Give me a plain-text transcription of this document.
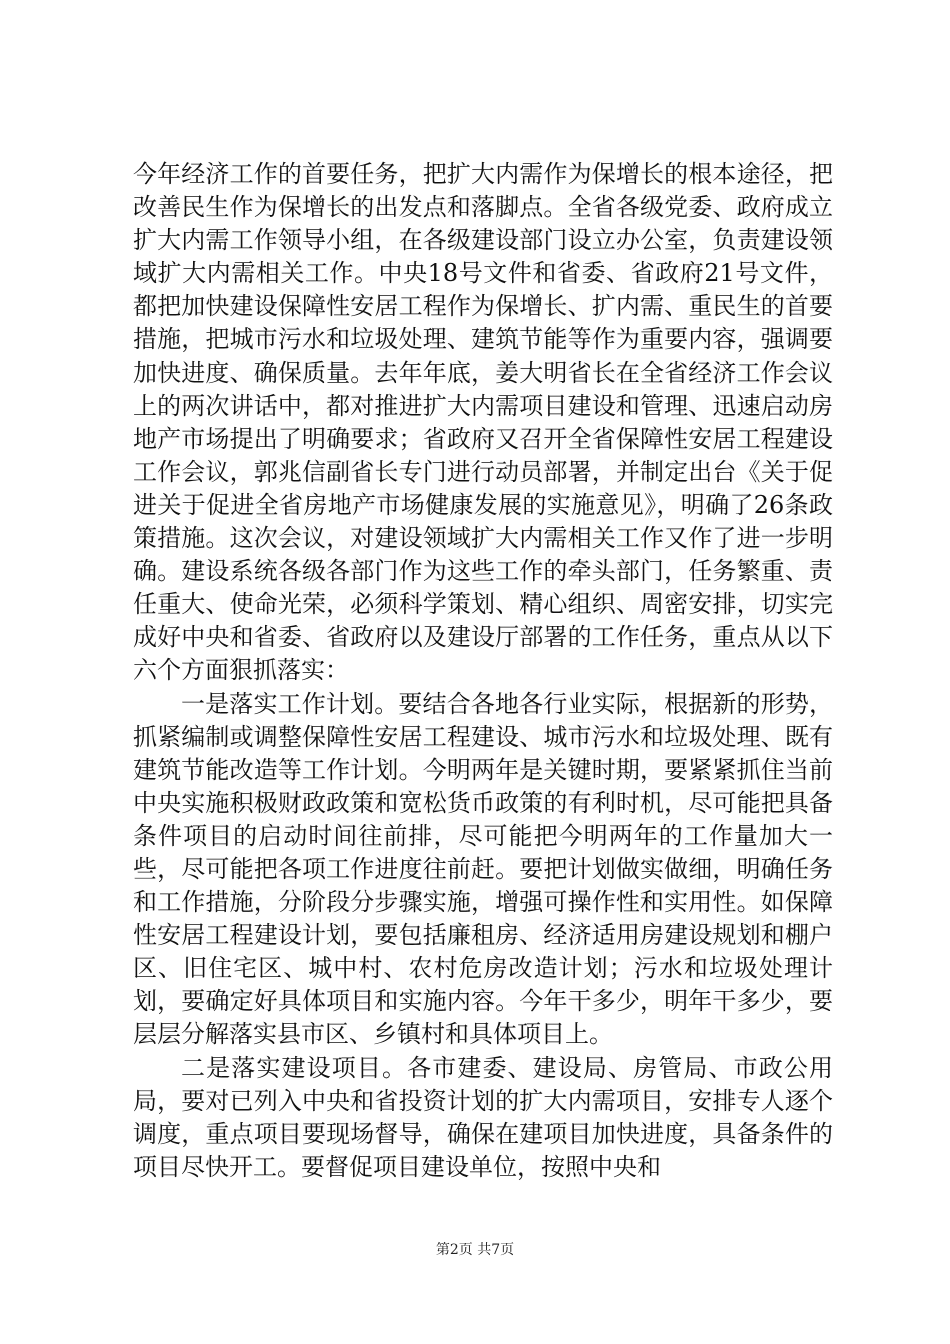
今年经济工作的首要任务，把扩大内需作为保增长的根本途径，把改善民生作为保增长的出发点和落脚点。全省各级党委、政府成立扩大内需工作领导小组，在各级建设部门设立办公室，负责建设领域扩大内需相关工作。中央18号文件和省委、省政府21号文件，都把加快建设保障性安居工程作为保增长、扩内需、重民生的首要措施，把城市污水和垃圾处理、建筑节能等作为重要内容，强调要加快进度、确保质量。去年年底，姜大明省长在全省经济工作会议上的两次讲话中，都对推进扩大内需项目建设和管理、迅速启动房地产市场提出了明确要求；省政府又召开全省保障性安居工程建设工作会议，郭兆信副省长专门进行动员部署，并制定出台《关于促进关于促进全省房地产市场健康发展的实施意见》，明确了26条政策措施。这次会议，对建设领域扩大内需相关工作又作了进一步明确。建设系统各级各部门作为这些工作的牵头部门，任务繁重、责任重大、使命光荣，必须科学策划、精心组织、周密安排，切实完成好中央和省委、省政府以及建设厅部署的工作任务，重点从以下六个方面狠抓落实：

一是落实工作计划。要结合各地各行业实际，根据新的形势，抓紧编制或调整保障性安居工程建设、城市污水和垃圾处理、既有建筑节能改造等工作计划。今明两年是关键时期，要紧紧抓住当前中央实施积极财政政策和宽松货币政策的有利时机，尽可能把具备条件项目的启动时间往前排，尽可能把今明两年的工作量加大一些，尽可能把各项工作进度往前赶。要把计划做实做细，明确任务和工作措施，分阶段分步骤实施，增强可操作性和实用性。如保障性安居工程建设计划，要包括廉租房、经济适用房建设规划和棚户区、旧住宅区、城中村、农村危房改造计划；污水和垃圾处理计划，要确定好具体项目和实施内容。今年干多少，明年干多少，要层层分解落实县市区、乡镇村和具体项目上。

二是落实建设项目。各市建委、建设局、房管局、市政公用局，要对已列入中央和省投资计划的扩大内需项目，安排专人逐个调度，重点项目要现场督导，确保在建项目加快进度，具备条件的项目尽快开工。要督促项目建设单位，按照中央和

第2页 共7页
